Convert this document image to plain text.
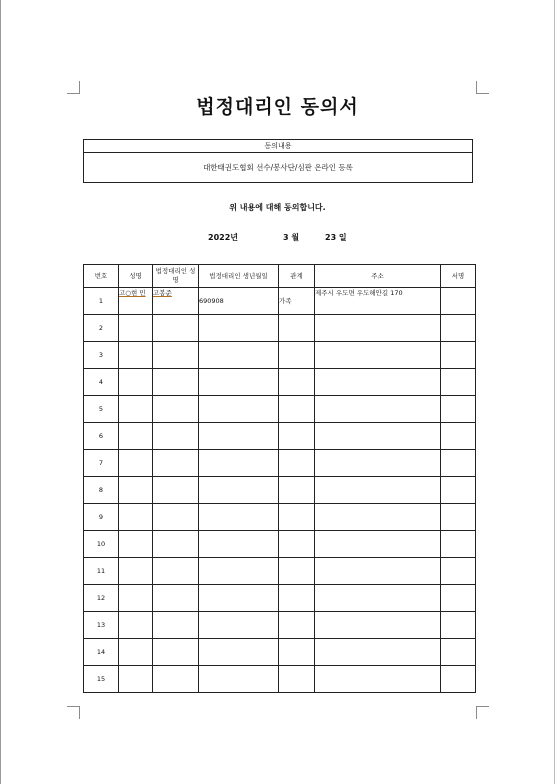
법정대리인 동의서
동의내용
대한태권도협회 선수/봉사단/심판 온라인 등록
위 내용에 대해 동의합니다.
2022년	3 월	23 일
번호	성명	법정대리인 성명	법정대리인 생년월일	관계	주소	서명
1	고○현 민	고봉준	690908	가족	제주시 우도면 우도해안길 170	
2						
3						
4						
5						
6						
7						
8						
9						
10						
11						
12						
13						
14						
15						
